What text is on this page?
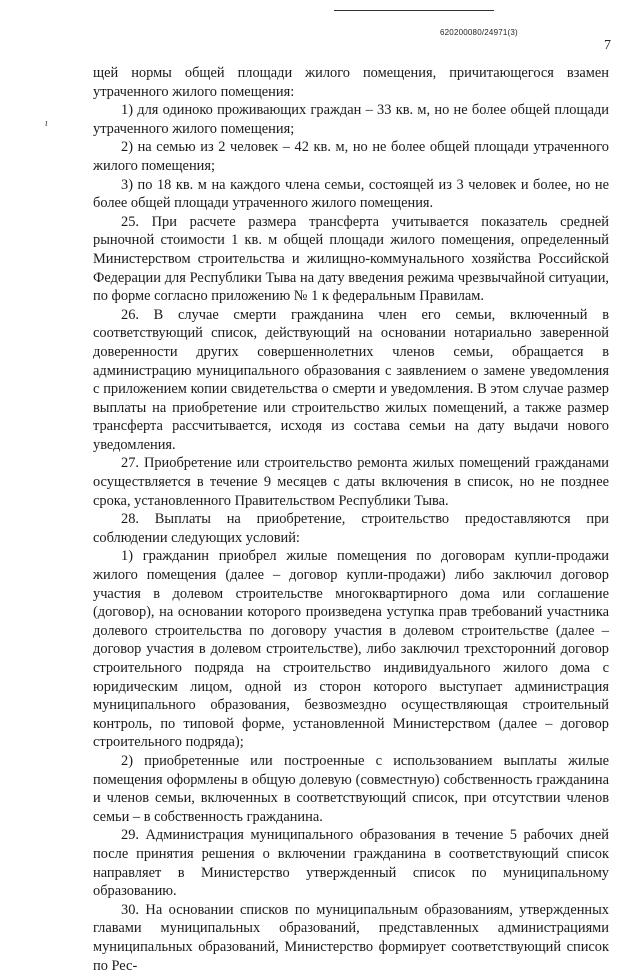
620200080/24971(3)
7
ı

щей нормы общей площади жилого помещения, причитающегося взамен утраченного жилого помещения:

1) для одиноко проживающих граждан – 33 кв. м, но не более общей площади утраченного жилого помещения;

2) на семью из 2 человек – 42 кв. м, но не более общей площади утраченного жилого помещения;

3) по 18 кв. м на каждого члена семьи, состоящей из 3 человек и более, но не более общей площади утраченного жилого помещения.

25. При расчете размера трансферта учитывается показатель средней рыночной стоимости 1 кв. м общей площади жилого помещения, определенный Министерством строительства и жилищно-коммунального хозяйства Российской Федерации для Республики Тыва на дату введения режима чрезвычайной ситуации, по форме согласно приложению № 1 к федеральным Правилам.

26. В случае смерти гражданина член его семьи, включенный в соответствующий список, действующий на основании нотариально заверенной доверенности других совершеннолетних членов семьи, обращается в администрацию муниципального образования с заявлением о замене уведомления с приложением копии свидетельства о смерти и уведомления. В этом случае размер выплаты на приобретение или строительство жилых помещений, а также размер трансферта рассчитывается, исходя из состава семьи на дату выдачи нового уведомления.

27. Приобретение или строительство ремонта жилых помещений гражданами осуществляется в течение 9 месяцев с даты включения в список, но не позднее срока, установленного Правительством Республики Тыва.

28. Выплаты на приобретение, строительство предоставляются при соблюдении следующих условий:

1) гражданин приобрел жилые помещения по договорам купли-продажи жилого помещения (далее – договор купли-продажи) либо заключил договор участия в долевом строительстве многоквартирного дома или соглашение (договор), на основании которого произведена уступка прав требований участника долевого строительства по договору участия в долевом строительстве (далее – договор участия в долевом строительстве), либо заключил трехсторонний договор строительного подряда на строительство индивидуального жилого дома с юридическим лицом, одной из сторон которого выступает администрация муниципального образования, безвозмездно осуществляющая строительный контроль, по типовой форме, установленной Министерством (далее – договор строительного подряда);

2) приобретенные или построенные с использованием выплаты жилые помещения оформлены в общую долевую (совместную) собственность гражданина и членов семьи, включенных в соответствующий список, при отсутствии членов семьи – в собственность гражданина.

29. Администрация муниципального образования в течение 5 рабочих дней после принятия решения о включении гражданина в соответствующий список направляет в Министерство утвержденный список по муниципальному образованию.

30. На основании списков по муниципальным образованиям, утвержденных главами муниципальных образований, представленных администрациями муниципальных образований, Министерство формирует соответствующий список по Рес-
